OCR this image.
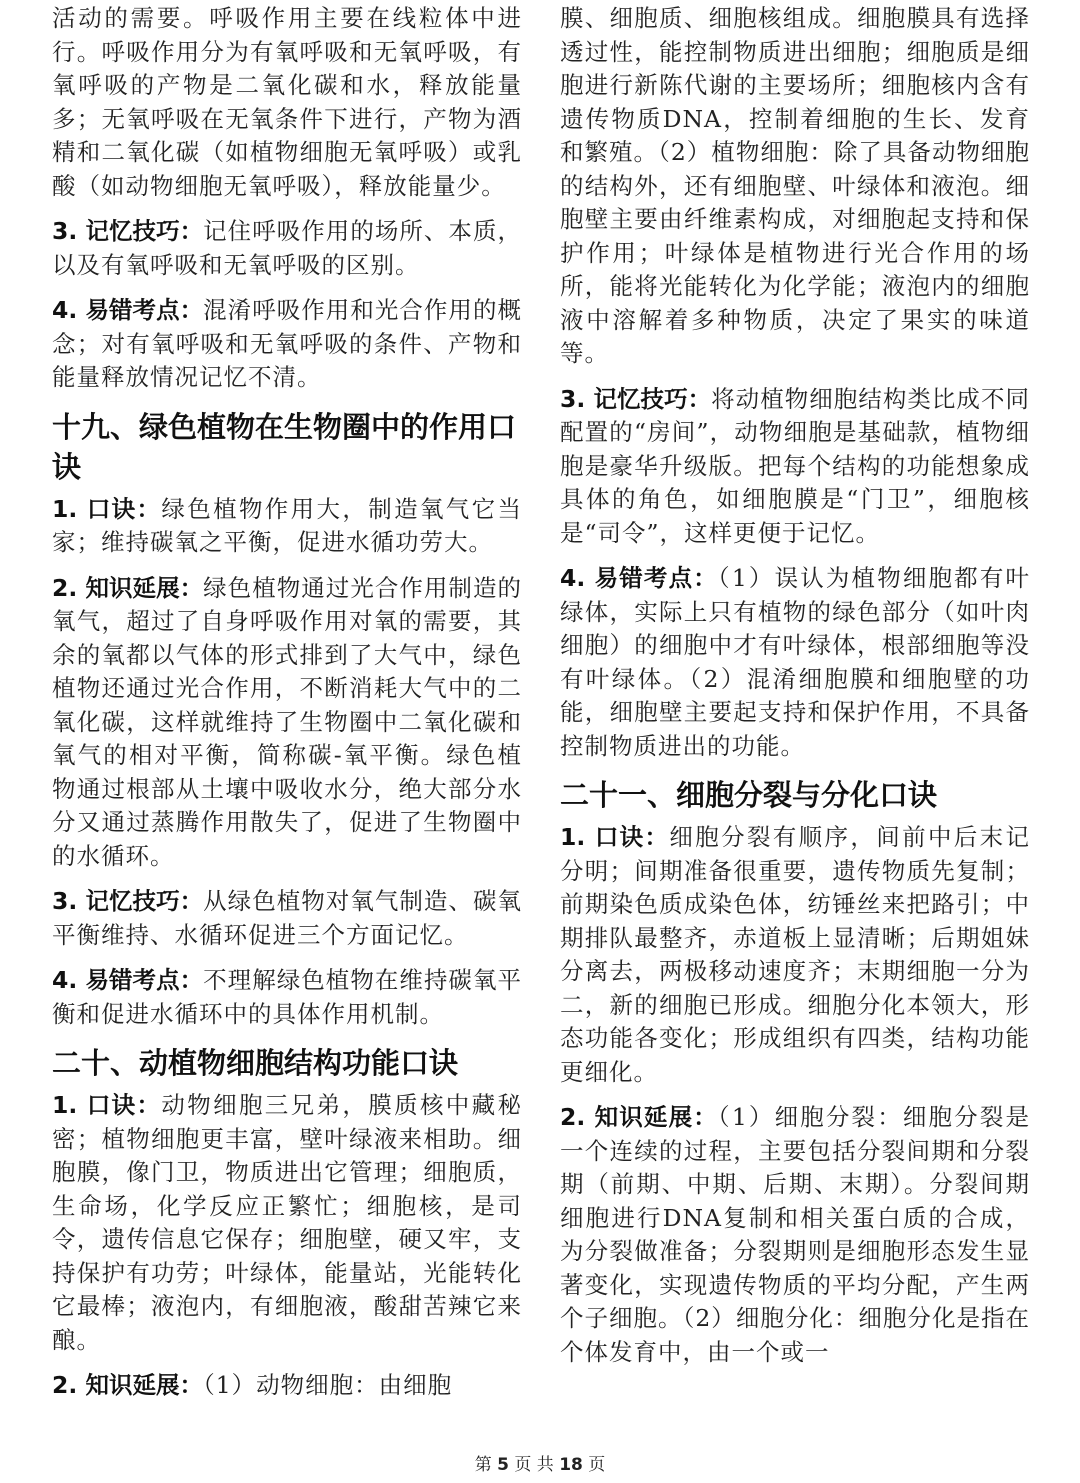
活动的需要。呼吸作用主要在线粒体中进行。呼吸作用分为有氧呼吸和无氧呼吸，有氧呼吸的产物是二氧化碳和水，释放能量多；无氧呼吸在无氧条件下进行，产物为酒精和二氧化碳（如植物细胞无氧呼吸）或乳酸（如动物细胞无氧呼吸），释放能量少。

3. 记忆技巧：记住呼吸作用的场所、本质，以及有氧呼吸和无氧呼吸的区别。

4. 易错考点：混淆呼吸作用和光合作用的概念；对有氧呼吸和无氧呼吸的条件、产物和能量释放情况记忆不清。

十九、绿色植物在生物圈中的作用口诀

1. 口诀：绿色植物作用大，制造氧气它当家；维持碳氧之平衡，促进水循功劳大。

2. 知识延展：绿色植物通过光合作用制造的氧气，超过了自身呼吸作用对氧的需要，其余的氧都以气体的形式排到了大气中，绿色植物还通过光合作用，不断消耗大气中的二氧化碳，这样就维持了生物圈中二氧化碳和氧气的相对平衡，简称碳-氧平衡。绿色植物通过根部从土壤中吸收水分，绝大部分水分又通过蒸腾作用散失了，促进了生物圈中的水循环。

3. 记忆技巧：从绿色植物对氧气制造、碳氧平衡维持、水循环促进三个方面记忆。

4. 易错考点：不理解绿色植物在维持碳氧平衡和促进水循环中的具体作用机制。

二十、动植物细胞结构功能口诀

1. 口诀：动物细胞三兄弟，膜质核中藏秘密；植物细胞更丰富，壁叶绿液来相助。细胞膜，像门卫，物质进出它管理；细胞质，生命场，化学反应正繁忙；细胞核，是司令，遗传信息它保存；细胞壁，硬又牢，支持保护有功劳；叶绿体，能量站，光能转化它最棒；液泡内，有细胞液，酸甜苦辣它来酿。

2. 知识延展：（1）动物细胞：由细胞

膜、细胞质、细胞核组成。细胞膜具有选择透过性，能控制物质进出细胞；细胞质是细胞进行新陈代谢的主要场所；细胞核内含有遗传物质DNA，控制着细胞的生长、发育和繁殖。（2）植物细胞：除了具备动物细胞的结构外，还有细胞壁、叶绿体和液泡。细胞壁主要由纤维素构成，对细胞起支持和保护作用；叶绿体是植物进行光合作用的场所，能将光能转化为化学能；液泡内的细胞液中溶解着多种物质，决定了果实的味道等。

3. 记忆技巧：将动植物细胞结构类比成不同配置的“房间”，动物细胞是基础款，植物细胞是豪华升级版。把每个结构的功能想象成具体的角色，如细胞膜是“门卫”，细胞核是“司令”，这样更便于记忆。

4. 易错考点：（1）误认为植物细胞都有叶绿体，实际上只有植物的绿色部分（如叶肉细胞）的细胞中才有叶绿体，根部细胞等没有叶绿体。（2）混淆细胞膜和细胞壁的功能，细胞壁主要起支持和保护作用，不具备控制物质进出的功能。

二十一、细胞分裂与分化口诀

1. 口诀：细胞分裂有顺序，间前中后末记分明；间期准备很重要，遗传物质先复制；前期染色质成染色体，纺锤丝来把路引；中期排队最整齐，赤道板上显清晰；后期姐妹分离去，两极移动速度齐；末期细胞一分为二，新的细胞已形成。细胞分化本领大，形态功能各变化；形成组织有四类，结构功能更细化。

2. 知识延展：（1）细胞分裂：细胞分裂是一个连续的过程，主要包括分裂间期和分裂期（前期、中期、后期、末期）。分裂间期细胞进行DNA复制和相关蛋白质的合成，为分裂做准备；分裂期则是细胞形态发生显著变化，实现遗传物质的平均分配，产生两个子细胞。（2）细胞分化：细胞分化是指在个体发育中，由一个或一

第 5 页 共 18 页
